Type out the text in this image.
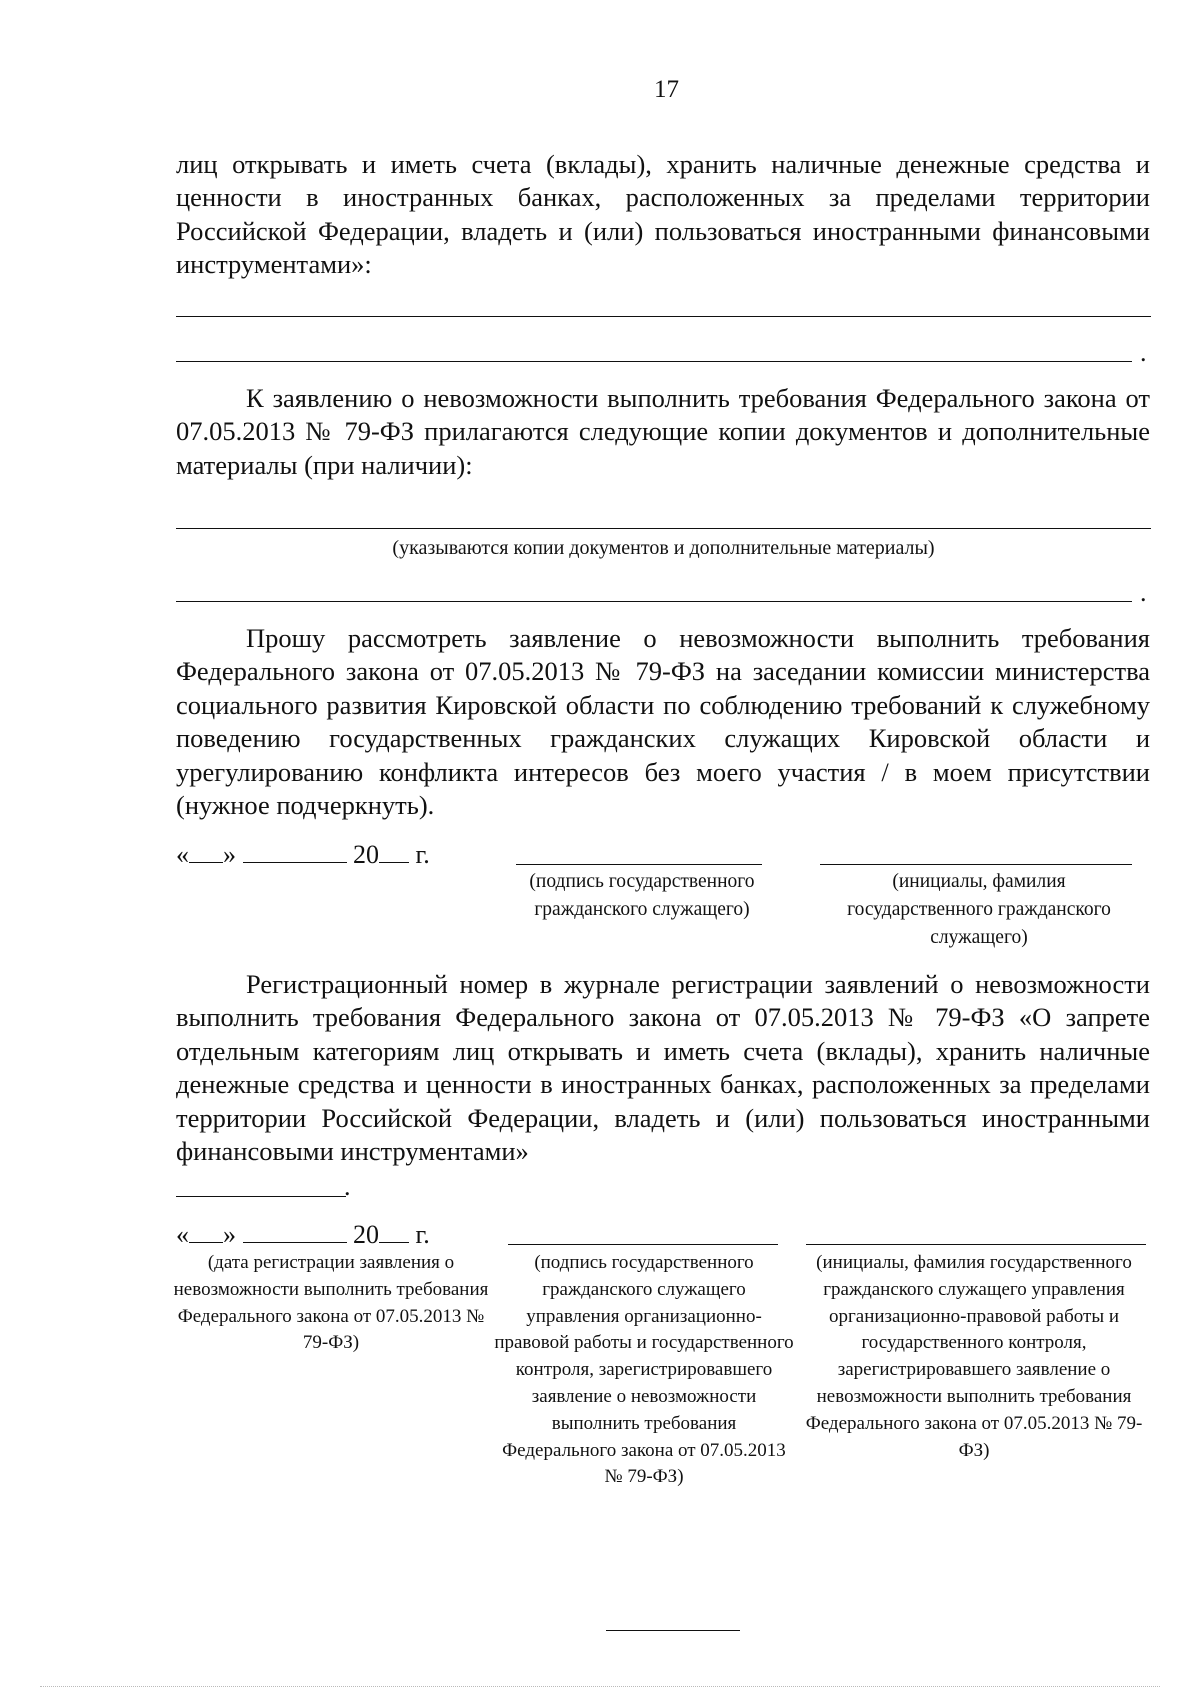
17
лиц открывать и иметь счета (вклады), хранить наличные денежные средства и ценности в иностранных банках, расположенных за пределами территории Российской Федерации, владеть и (или) пользоваться иностранными финансовыми инструментами»:
.
К заявлению о невозможности выполнить требования Федерального закона от 07.05.2013 № 79-ФЗ прилагаются следующие копии документов и дополнительные материалы (при наличии):
(указываются копии документов и дополнительные материалы)
.
Прошу рассмотреть заявление о невозможности выполнить требования Федерального закона от 07.05.2013 № 79-ФЗ на заседании комиссии министерства социального развития Кировской области по соблюдению требований к служебному поведению государственных гражданских служащих Кировской области и урегулированию конфликта интересов без моего участия / в моем присутствии (нужное подчеркнуть).
« »	20 г.
(подпись государственного гражданского служащего)
(инициалы, фамилия государственного гражданского служащего)
Регистрационный номер в журнале регистрации заявлений о невозможности выполнить требования Федерального закона от 07.05.2013 № 79-ФЗ «О запрете отдельным категориям лиц открывать и иметь счета (вклады), хранить наличные денежные средства и ценности в иностранных банках, расположенных за пределами территории Российской Федерации, владеть и (или) пользоваться иностранными финансовыми инструментами»
.
« »	20 г.
(дата регистрации заявления о невозможности выполнить требования Федерального закона от 07.05.2013 № 79-ФЗ)
(подпись государственного гражданского служащего управления организационно-правовой работы и государственного контроля, зарегистрировавшего заявление о невозможности выполнить требования Федерального закона от 07.05.2013 № 79-ФЗ)
(инициалы, фамилия государственного гражданского служащего управления организационно-правовой работы и государственного контроля, зарегистрировавшего заявление о невозможности выполнить требования Федерального закона от 07.05.2013 № 79-ФЗ)
